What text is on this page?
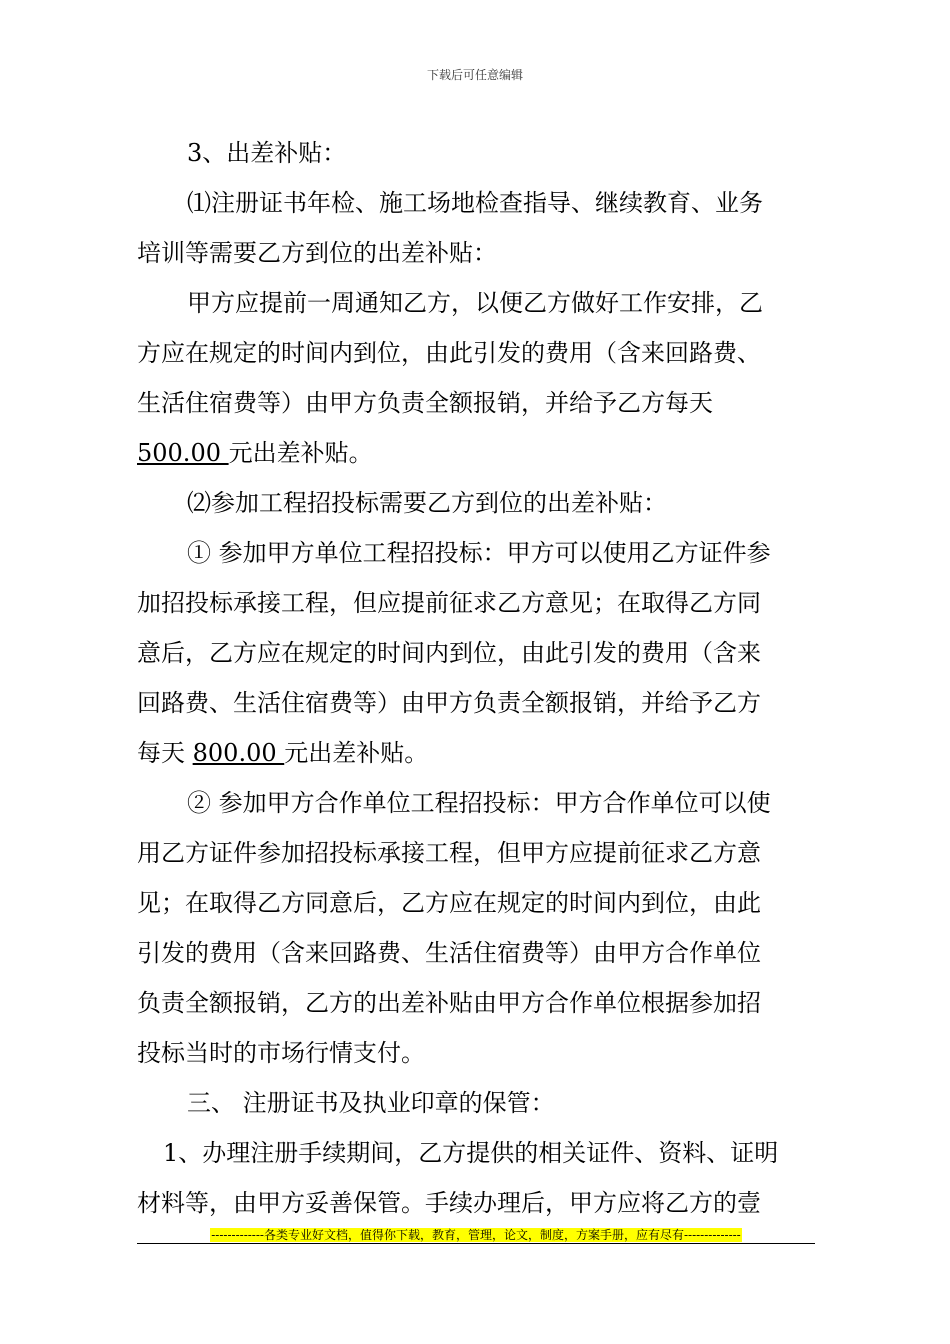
下载后可任意编辑
3、出差补贴：
⑴注册证书年检、施工场地检查指导、继续教育、业务
培训等需要乙方到位的出差补贴：
甲方应提前一周通知乙方，以便乙方做好工作安排，乙
方应在规定的时间内到位，由此引发的费用（含来回路费、
生活住宿费等）由甲方负责全额报销，并给予乙方每天
500.00 元出差补贴。
⑵参加工程招投标需要乙方到位的出差补贴：
① 参加甲方单位工程招投标：甲方可以使用乙方证件参
加招投标承接工程，但应提前征求乙方意见；在取得乙方同
意后，乙方应在规定的时间内到位，由此引发的费用（含来
回路费、生活住宿费等）由甲方负责全额报销，并给予乙方
每天 800.00 元出差补贴。
② 参加甲方合作单位工程招投标：甲方合作单位可以使
用乙方证件参加招投标承接工程，但甲方应提前征求乙方意
见；在取得乙方同意后，乙方应在规定的时间内到位，由此
引发的费用（含来回路费、生活住宿费等）由甲方合作单位
负责全额报销，乙方的出差补贴由甲方合作单位根据参加招
投标当时的市场行情支付。
三、 注册证书及执业印章的保管：
1、办理注册手续期间，乙方提供的相关证件、资料、证明
材料等，由甲方妥善保管。手续办理后，甲方应将乙方的壹
-------------各类专业好文档，值得你下载，教育，管理，论文，制度，方案手册，应有尽有--------------
